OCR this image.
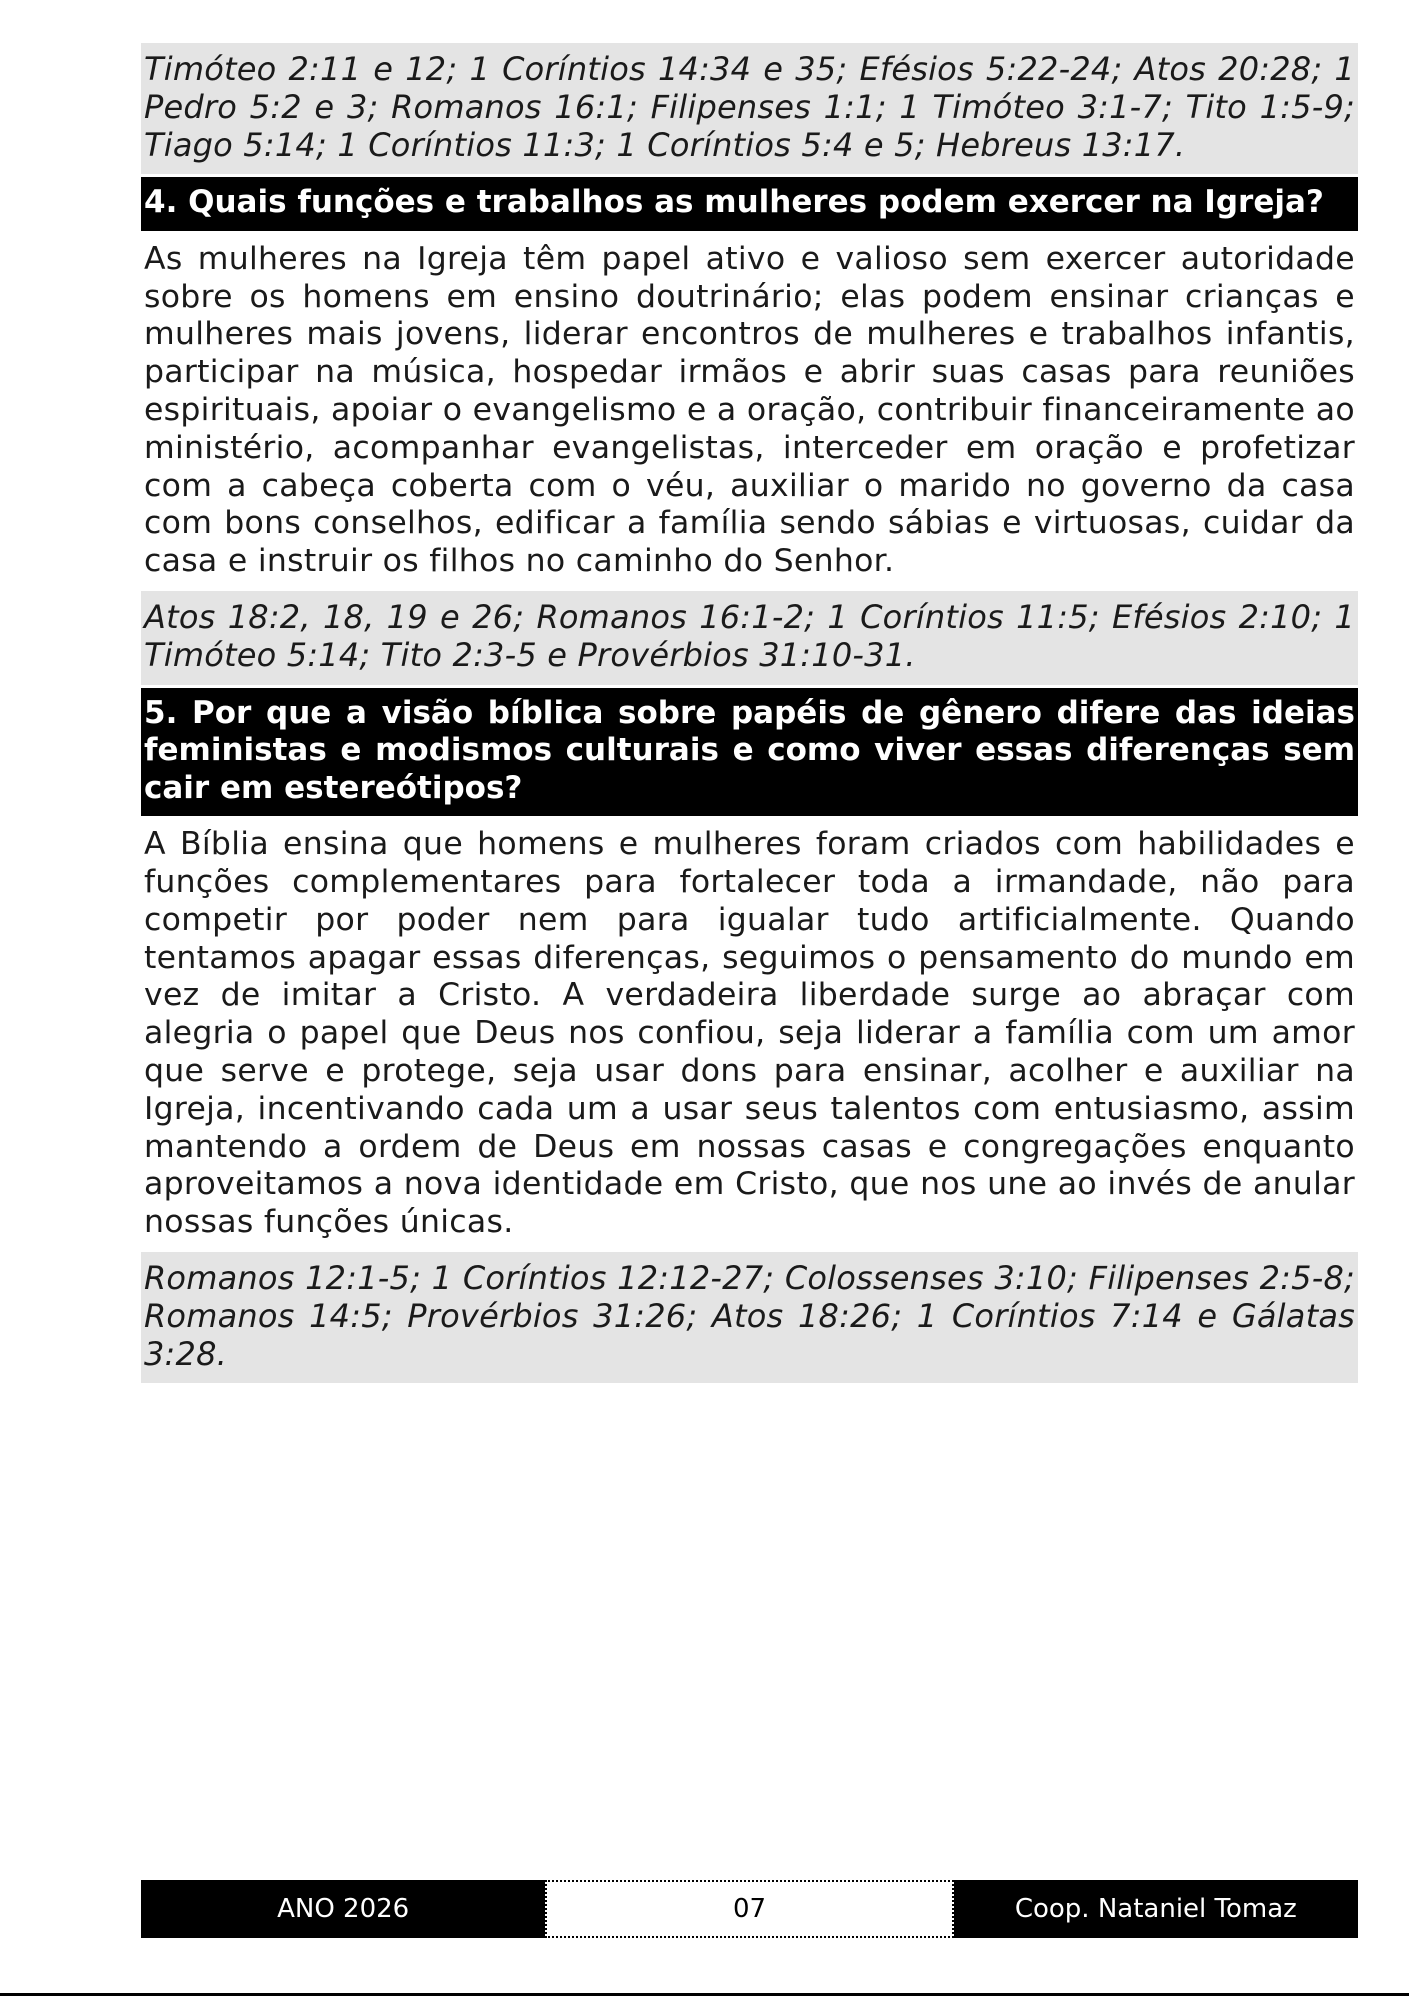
Timóteo 2:11 e 12; 1 Coríntios 14:34 e 35; Efésios 5:22-24; Atos 20:28; 1 Pedro 5:2 e 3; Romanos 16:1; Filipenses 1:1; 1 Timóteo 3:1-7; Tito 1:5-9; Tiago 5:14; 1 Coríntios 11:3; 1 Coríntios 5:4 e 5; Hebreus 13:17.
4. Quais funções e trabalhos as mulheres podem exercer na Igreja?
As mulheres na Igreja têm papel ativo e valioso sem exercer autoridade sobre os homens em ensino doutrinário; elas podem ensinar crianças e mulheres mais jovens, liderar encontros de mulheres e trabalhos infantis, participar na música, hospedar irmãos e abrir suas casas para reuniões espirituais, apoiar o evangelismo e a oração, contribuir financeiramente ao ministério, acompanhar evangelistas, interceder em oração e profetizar com a cabeça coberta com o véu, auxiliar o marido no governo da casa com bons conselhos, edificar a família sendo sábias e virtuosas, cuidar da casa e instruir os filhos no caminho do Senhor.
Atos 18:2, 18, 19 e 26; Romanos 16:1-2; 1 Coríntios 11:5; Efésios 2:10; 1 Timóteo 5:14; Tito 2:3-5 e Provérbios 31:10-31.
5. Por que a visão bíblica sobre papéis de gênero difere das ideias feministas e modismos culturais e como viver essas diferenças sem cair em estereótipos?
A Bíblia ensina que homens e mulheres foram criados com habilidades e funções complementares para fortalecer toda a irmandade, não para competir por poder nem para igualar tudo artificialmente. Quando tentamos apagar essas diferenças, seguimos o pensamento do mundo em vez de imitar a Cristo. A verdadeira liberdade surge ao abraçar com alegria o papel que Deus nos confiou, seja liderar a família com um amor que serve e protege, seja usar dons para ensinar, acolher e auxiliar na Igreja, incentivando cada um a usar seus talentos com entusiasmo, assim mantendo a ordem de Deus em nossas casas e congregações enquanto aproveitamos a nova identidade em Cristo, que nos une ao invés de anular nossas funções únicas.
Romanos 12:1-5; 1 Coríntios 12:12-27; Colossenses 3:10; Filipenses 2:5-8; Romanos 14:5; Provérbios 31:26; Atos 18:26; 1 Coríntios 7:14 e Gálatas 3:28.
ANO 2026	07	Coop. Nataniel Tomaz
